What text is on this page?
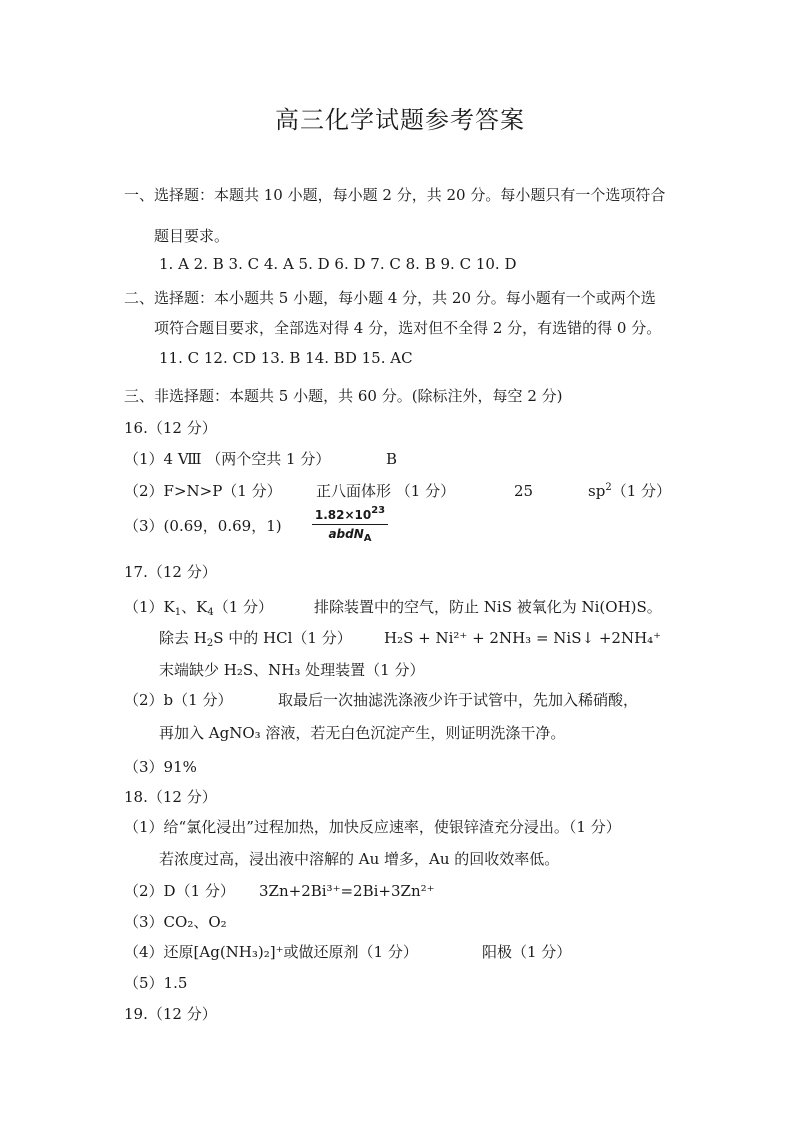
高三化学试题参考答案
一、选择题：本题共 10 小题，每小题 2 分，共 20 分。每小题只有一个选项符合
题目要求。
1. A 2. B 3. C 4. A 5. D 6. D 7. C 8. B 9. C 10. D
二、选择题：本小题共 5 小题，每小题 4 分，共 20 分。每小题有一个或两个选
项符合题目要求，全部选对得 4 分，选对但不全得 2 分，有选错的得 0 分。
11. C 12. CD 13. B 14. BD 15. AC
三、非选择题：本题共 5 小题，共 60 分。(除标注外，每空 2 分)
16.（12 分）
（1）4 Ⅷ （两个空共 1 分）	B
（2）F>N>P（1 分） 正八面体形 （1 分）	25	$sp^2(1$ 分）
（3）(0.69，0.69，1)
$1.82\times 10^{23}$
abdN$_A$
17.（12 分）
$(1)K_1$、$K_4(1$ 分）	排除装置中的空气，防止 NiS 被氧化为 Ni(OH)S。
除去 $H_2S$ 中的 HCl（1 分） H₂S + Ni²⁺ + 2NH₃ = NiS↓ +2NH₄⁺
末端缺少 H₂S、NH₃ 处理装置（1 分）
（2）b（1 分）	取最后一次抽滤洗涤液少许于试管中，先加入稀硝酸，
再加入 AgNO₃ 溶液，若无白色沉淀产生，则证明洗涤干净。
（3）91%
18.（12 分）
（1）给“氯化浸出”过程加热，加快反应速率，使银锌渣充分浸出。（1 分）
若浓度过高，浸出液中溶解的 Au 增多，Au 的回收效率低。
（2）D（1 分） 3Zn+2Bi³⁺=2Bi+3Zn²⁺
（3）CO₂、O₂
（4）还原[Ag(NH₃)₂]⁺或做还原剂（1 分）	阳极（1 分）
（5）1.5
19.（12 分）
